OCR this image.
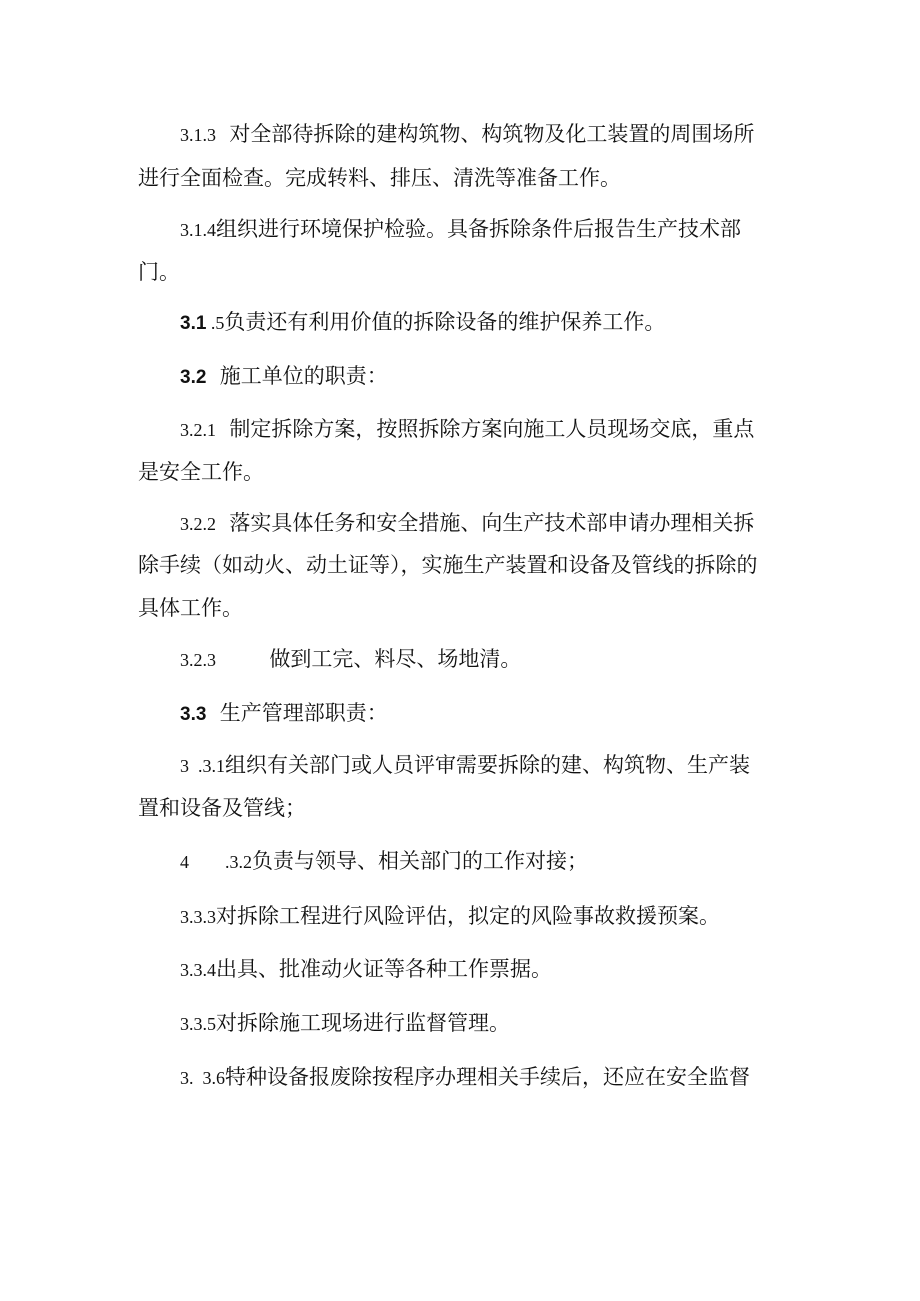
3.1.3  对全部待拆除的建构筑物、构筑物及化工装置的周围场所
进行全面检查。完成转料、排压、清洗等准备工作。
3.1.4组织进行环境保护检验。具备拆除条件后报告生产技术部
门。
3.1 .5负责还有利用价值的拆除设备的维护保养工作。
3.2  施工单位的职责：
3.2.1  制定拆除方案，按照拆除方案向施工人员现场交底，重点
是安全工作。
3.2.2  落实具体任务和安全措施、向生产技术部申请办理相关拆
除手续（如动火、动土证等），实施生产装置和设备及管线的拆除的
具体工作。
3.2.3        做到工完、料尽、场地清。
3.3  生产管理部职责：
3  .3.1组织有关部门或人员评审需要拆除的建、构筑物、生产装
置和设备及管线；
4        .3.2负责与领导、相关部门的工作对接；
3.3.3对拆除工程进行风险评估，拟定的风险事故救援预案。
3.3.4出具、批准动火证等各种工作票据。
3.3.5对拆除施工现场进行监督管理。
3.  3.6特种设备报废除按程序办理相关手续后，还应在安全监督
